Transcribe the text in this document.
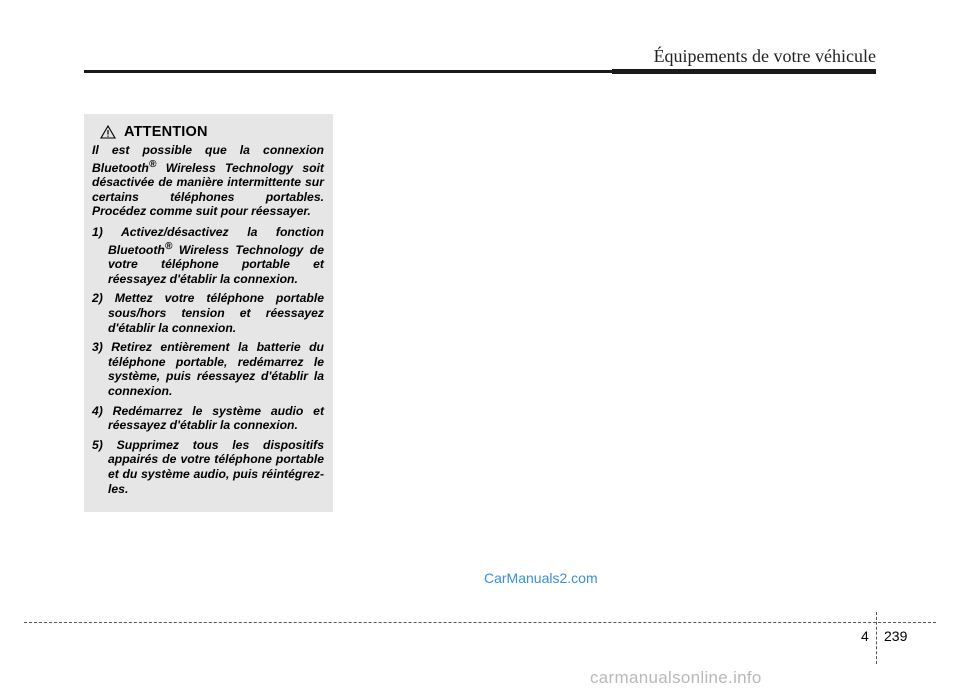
Équipements de votre véhicule
ATTENTION

Il est possible que la connexion Bluetooth® Wireless Technology soit désactivée de manière intermittente sur certains téléphones portables. Procédez comme suit pour réessayer.

1) Activez/désactivez la fonction Bluetooth® Wireless Technology de votre téléphone portable et réessayez d'établir la connexion.
2) Mettez votre téléphone portable sous/hors tension et réessayez d'établir la connexion.
3) Retirez entièrement la batterie du téléphone portable, redémarrez le système, puis réessayez d'établir la connexion.
4) Redémarrez le système audio et réessayez d'établir la connexion.
5) Supprimez tous les dispositifs appairés de votre téléphone portable et du système audio, puis réintégrez-les.
CarManuals2.com
4 239
carmanualsonline.info
